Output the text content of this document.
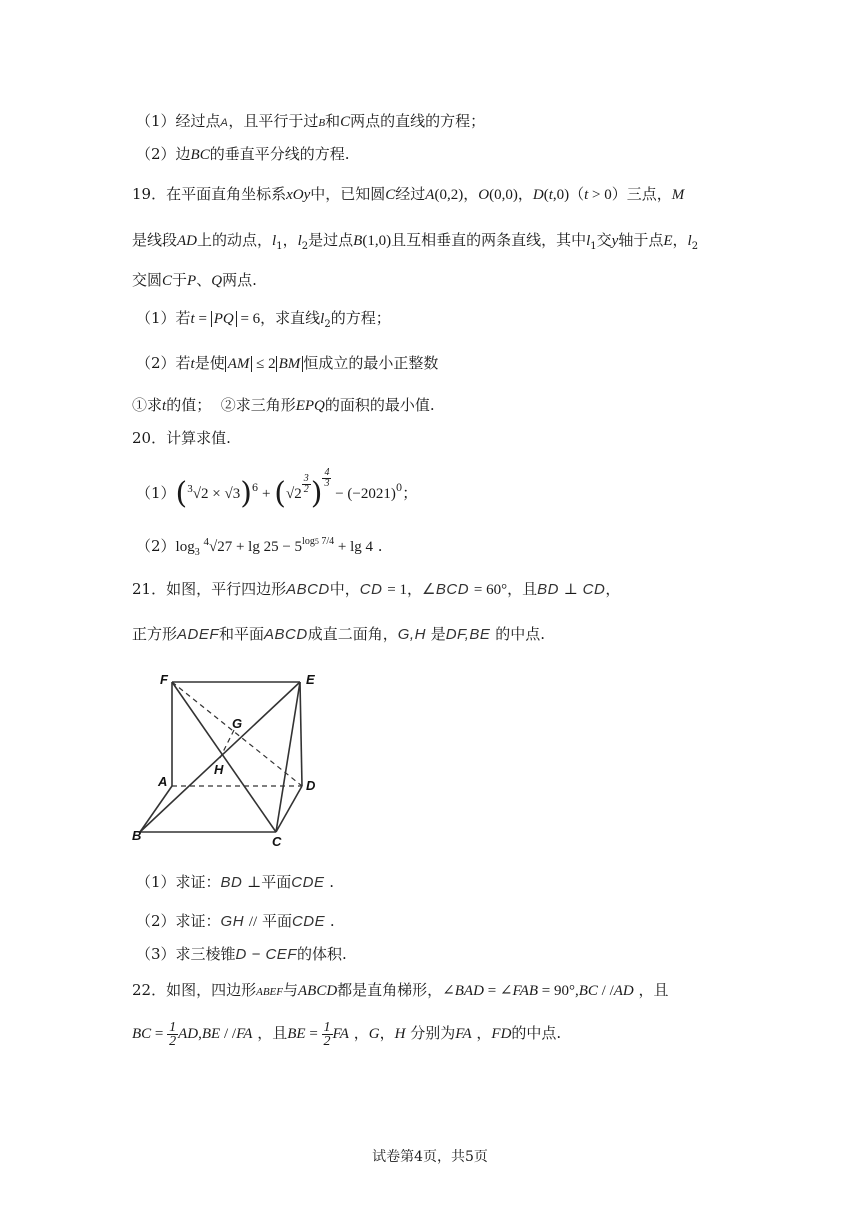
（1）经过点A，且平行于过B和C两点的直线的方程；
（2）边BC的垂直平分线的方程.
19．在平面直角坐标系xOy中，已知圆C经过A(0,2)，O(0,0)，D(t,0)（t > 0）三点，M
是线段AD上的动点，$l_1$，$l_2$是过点B(1,0)且互相垂直的两条直线，其中$l_1$交y轴于点E，$l_2$
交圆C于P、Q两点.
（1）若t = PQ = 6，求直线$l_2$的方程；
（2）若t是使 AM ≤ 2 BM 恒成立的最小正整数
①求t的值；  ②求三角形EPQ的面积的最小值.
20．计算求值.
$(1)(^3√2 \times √3)^6 + (√2 \frac{3}{2}$ ) $\frac{4}{3}$
− $(-2021)^0$；
$(2)\log_3$ $^4√27 + \lg 25 - 5^{log5 7/4} + \lg 4$ .
21．如图，平行四边形ABCD中，CD = 1，∠BCD = 60°，且BD ⊥ CD，
正方形ADEF和平面ABCD成直二面角，G,H 是DF,BE 的中点.
F	E
G
H
A	D
B	C
（1）求证：BD ⊥平面CDE .
（2）求证：GH // 平面CDE .
（3）求三棱锥D − CEF的体积.
22．如图，四边形ABEF与ABCD都是直角梯形，∠BAD = ∠FAB = 90°,BC / /AD ，且
BC = $\frac{1}{2} AD,BE / /FA$ ，且BE = $\frac{1}{2}$ FA ，G，H 分别为FA ，FD的中点.
试卷第4页，共5页
